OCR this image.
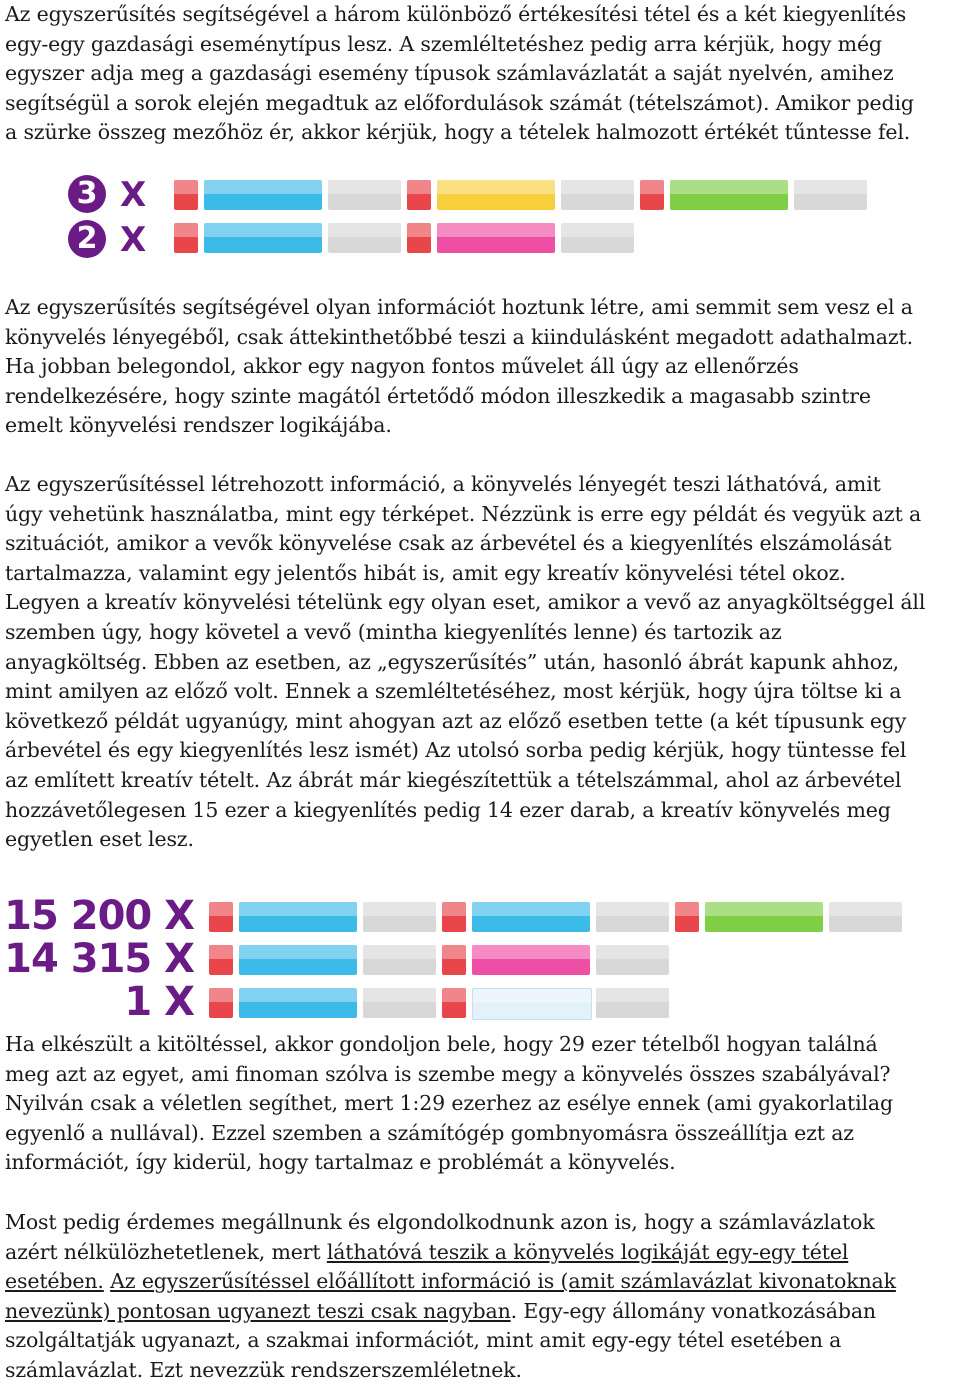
Az egyszerűsítés segítségével a három különböző értékesítési tétel és a két kiegyenlítés
egy-egy gazdasági eseménytípus lesz. A szemléltetéshez pedig arra kérjük, hogy még
egyszer adja meg a gazdasági esemény típusok számlavázlatát a saját nyelvén, amihez
segítségül a sorok elején megadtuk az előfordulások számát (tételszámot). Amikor pedig
a szürke összeg mezőhöz ér, akkor kérjük, hogy a tételek halmozott értékét tűntesse fel.
3 X
2 X
Az egyszerűsítés segítségével olyan információt hoztunk létre, ami semmit sem vesz el a
könyvelés lényegéből, csak áttekinthetőbbé teszi a kiindulásként megadott adathalmazt.
Ha jobban belegondol, akkor egy nagyon fontos művelet áll úgy az ellenőrzés
rendelkezésére, hogy szinte magától értetődő módon illeszkedik a magasabb szintre
emelt könyvelési rendszer logikájába.
Az egyszerűsítéssel létrehozott információ, a könyvelés lényegét teszi láthatóvá, amit
úgy vehetünk használatba, mint egy térképet. Nézzünk is erre egy példát és vegyük azt a
szituációt, amikor a vevők könyvelése csak az árbevétel és a kiegyenlítés elszámolását
tartalmazza, valamint egy jelentős hibát is, amit egy kreatív könyvelési tétel okoz.
Legyen a kreatív könyvelési tételünk egy olyan eset, amikor a vevő az anyagköltséggel áll
szemben úgy, hogy követel a vevő (mintha kiegyenlítés lenne) és tartozik az
anyagköltség. Ebben az esetben, az „egyszerűsítés” után, hasonló ábrát kapunk ahhoz,
mint amilyen az előző volt. Ennek a szemléltetéséhez, most kérjük, hogy újra töltse ki a
következő példát ugyanúgy, mint ahogyan azt az előző esetben tette (a két típusunk egy
árbevétel és egy kiegyenlítés lesz ismét) Az utolsó sorba pedig kérjük, hogy tüntesse fel
az említett kreatív tételt. Az ábrát már kiegészítettük a tételszámmal, ahol az árbevétel
hozzávetőlegesen 15 ezer a kiegyenlítés pedig 14 ezer darab, a kreatív könyvelés meg
egyetlen eset lesz.
15 200 X
14 315 X
1 X
Ha elkészült a kitöltéssel, akkor gondoljon bele, hogy 29 ezer tételből hogyan találná
meg azt az egyet, ami finoman szólva is szembe megy a könyvelés összes szabályával?
Nyilván csak a véletlen segíthet, mert 1:29 ezerhez az esélye ennek (ami gyakorlatilag
egyenlő a nullával). Ezzel szemben a számítógép gombnyomásra összeállítja ezt az
információt, így kiderül, hogy tartalmaz e problémát a könyvelés.
Most pedig érdemes megállnunk és elgondolkodnunk azon is, hogy a számlavázlatok
azért nélkülözhetetlenek, mert láthatóvá teszik a könyvelés logikáját egy-egy tétel
esetében. Az egyszerűsítéssel előállított információ is (amit számlavázlat kivonatoknak
nevezünk) pontosan ugyanezt teszi csak nagyban. Egy-egy állomány vonatkozásában
szolgáltatják ugyanazt, a szakmai információt, mint amit egy-egy tétel esetében a
számlavázlat. Ezt nevezzük rendszerszemléletnek.
